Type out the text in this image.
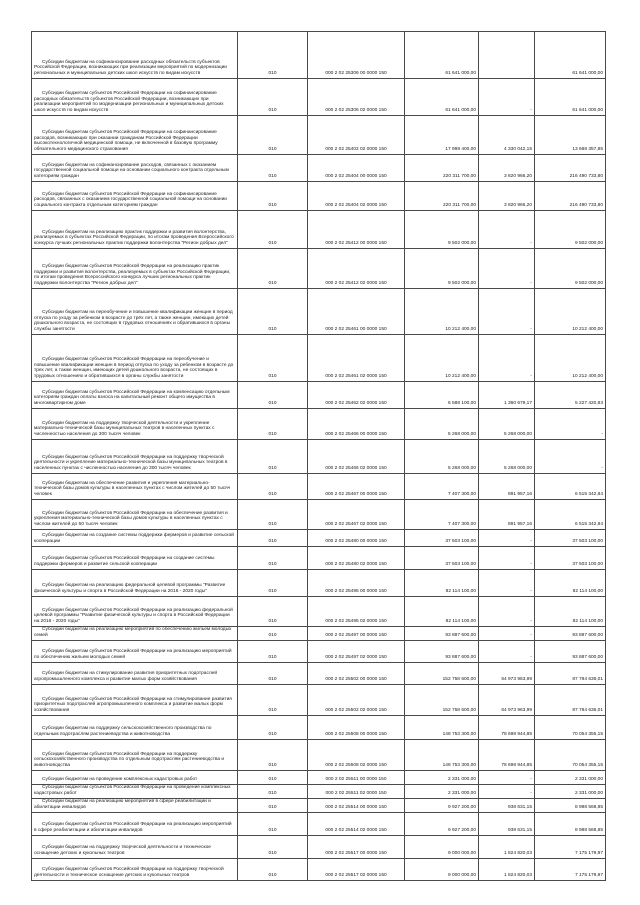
Субсидии бюджетам на софинансирование расходных обязательств субъектов Российской Федерации, возникающих при реализации мероприятий по модернизации региональных и муниципальных детских школ искусств по видам искусств	010	000 2 02 25306 00 0000 150	61 641 000,00		61 641 000,00
Субсидии бюджетам субъектов Российской Федерации на софинансирование расходных обязательств субъектов Российской Федерации, возникающих при реализации мероприятий по модернизации региональных и муниципальных детских школ искусств по видам искусств	010	000 2 02 25306 02 0000 150	61 641 000,00	-	61 641 000,00
Субсидии бюджетам субъектов Российской Федерации на софинансирование расходов, возникающих при оказании гражданам Российской Федерации высокотехнологичной медицинской помощи, не включенной в базовую программу обязательного медицинского страхования	010	000 2 02 25402 02 0000 150	17 998 400,00	4 330 042,15	13 668 357,85
Субсидии бюджетам на софинансирование расходов, связанных с оказанием государственной социальной помощи на основании социального контракта отдельным категориям граждан	010	000 2 02 25404 00 0000 150	220 311 700,00	3 820 966,20	216 490 733,80
Субсидии бюджетам субъектов Российской Федерации на софинансирование расходов, связанных с оказанием государственной социальной помощи на основании социального контракта отдельным категориям граждан	010	000 2 02 25404 02 0000 150	220 311 700,00	3 820 966,20	216 490 733,80
Субсидии бюджетам на реализацию практик поддержки и развития волонтерства, реализуемых в субъектах Российской Федерации, по итогам проведения Всероссийского конкурса лучших региональных практик поддержки волонтерства "Регион добрых дел"	010	000 2 02 25412 00 0000 150	9 502 000,00	-	9 502 000,00
Субсидии бюджетам субъектов Российской Федерации на реализацию практик поддержки и развития волонтерства, реализуемых в субъектах Российской Федерации, по итогам проведения Всероссийского конкурса лучших региональных практик поддержки волонтерства "Регион добрых дел"	010	000 2 02 25412 02 0000 150	9 502 000,00	-	9 502 000,00
Субсидии бюджетам на переобучение и повышение квалификации женщин в период отпуска по уходу за ребенком в возрасте до трёх лет, а также женщин, имеющих детей дошкольного возраста, не состоящих в трудовых отношениях и обратившихся в органы службы занятости	010	000 2 02 25461 00 0000 150	10 212 400,00	-	10 212 400,00
Субсидии бюджетам субъектов Российской Федерации на переобучение и повышение квалификации женщин в период отпуска по уходу за ребенком в возрасте до трех лет, а также женщин, имеющих детей дошкольного возраста, не состоящих в трудовых отношениях и обратившихся в органы службы занятости	010	000 2 02 25461 02 0000 150	10 212 400,00	-	10 212 400,00
Субсидии бюджетам субъектов Российской Федерации на компенсацию отдельным категориям граждан оплаты взноса на капитальный ремонт общего имущества в многоквартирном доме	010	000 2 02 25462 02 0000 150	6 588 100,00	1 360 679,17	5 227 420,83
Субсидии бюджетам на поддержку творческой деятельности и укрепление материально-технической базы муниципальных театров в населенных пунктах с численностью населения до 300 тысяч человек	010	000 2 02 25466 00 0000 150	5 268 000,00	5 268 000,00	-
Субсидии бюджетам субъектов Российской Федерации на поддержку творческой деятельности и укрепление материально-технической базы муниципальных театров в населенных пунктах с численностью населения до 300 тысяч человек	010	000 2 02 25466 02 0000 150	5 268 000,00	5 268 000,00	-
Субсидии бюджетам на обеспечение развития и укрепления материально-технической базы домов культуры в населенных пунктах с числом жителей до 50 тысяч человек	010	000 2 02 25467 00 0000 150	7 407 300,00	891 957,16	6 515 342,84
Субсидии бюджетам субъектов Российской Федерации на обеспечение развития и укрепления материально-технической базы домов культуры в населенных пунктах с числом жителей до 50 тысяч человек	010	000 2 02 25467 02 0000 150	7 407 300,00	891 957,16	6 515 342,84
Субсидии бюджетам на создание системы поддержки фермеров и развитие сельской кооперации	010	000 2 02 25480 00 0000 150	37 503 100,00	-	37 503 100,00
Субсидии бюджетам субъектов Российской Федерации на создание системы поддержки фермеров и развитие сельской кооперации	010	000 2 02 25480 02 0000 150	37 503 100,00	-	37 503 100,00
Субсидии бюджетам на реализацию федеральной целевой программы "Развитие физической культуры и спорта в Российской Федерации на 2016 - 2020 годы"	010	000 2 02 25495 00 0000 150	82 114 100,00	-	82 114 100,00
Субсидии бюджетам субъектов Российской Федерации на реализацию федеральной целевой программы "Развитие физической культуры и спорта в Российской Федерации на 2016 - 2020 годы"	010	000 2 02 25495 02 0000 150	82 114 100,00	-	82 114 100,00
Субсидии бюджетам на реализацию мероприятий по обеспечению жильем молодых семей	010	000 2 02 25497 00 0000 150	93 887 600,00	-	93 887 600,00
Субсидии бюджетам субъектов Российской Федерации на реализацию мероприятий по обеспечению жильем молодых семей	010	000 2 02 25497 02 0000 150	93 887 600,00	-	93 887 600,00
Субсидии бюджетам на стимулирование развития приоритетных подотраслей агропромышленного комплекса и развитие малых форм хозяйствования	010	000 2 02 25502 00 0000 150	152 758 600,00	64 973 963,99	87 784 636,01
Субсидии бюджетам субъектов Российской Федерации на стимулирование развития приоритетных подотраслей агропромышленного комплекса и развитие малых форм хозяйствования	010	000 2 02 25502 02 0000 150	152 758 600,00	64 973 963,99	87 784 636,01
Субсидии бюджетам на поддержку сельскохозяйственного производства по отдельным подотраслям растениеводства и животноводства	010	000 2 02 25508 00 0000 150	148 753 300,00	78 698 944,85	70 054 355,15
Субсидии бюджетам субъектов Российской Федерации на поддержку сельскохозяйственного производства по отдельным подотраслям растениеводства и животноводства	010	000 2 02 25508 02 0000 150	148 753 300,00	78 698 944,85	70 054 355,15
Субсидии бюджетам на проведение комплексных кадастровых работ	010	000 2 02 25511 00 0000 150	2 331 000,00	-	2 331 000,00
Субсидии бюджетам субъектов Российской Федерации на проведение комплексных кадастровых работ	010	000 2 02 25511 02 0000 150	2 331 000,00	-	2 331 000,00
Субсидии бюджетам на реализацию мероприятий в сфере реабилитации и абилитации инвалидов	010	000 2 02 25514 00 0000 150	9 927 200,00	938 631,15	8 988 568,85
Субсидии бюджетам субъектов Российской Федерации на реализацию мероприятий в сфере реабилитации и абилитации инвалидов	010	000 2 02 25514 02 0000 150	9 927 200,00	938 631,15	8 988 568,85
Субсидии бюджетам на поддержку творческой деятельности и техническое оснащение детских и кукольных театров	010	000 2 02 25517 00 0000 150	9 000 000,00	1 824 820,03	7 175 179,97
Субсидии бюджетам субъектов Российской Федерации на поддержку творческой деятельности и техническое оснащение детских и кукольных театров	010	000 2 02 25517 02 0000 150	9 000 000,00	1 824 820,03	7 175 179,97
